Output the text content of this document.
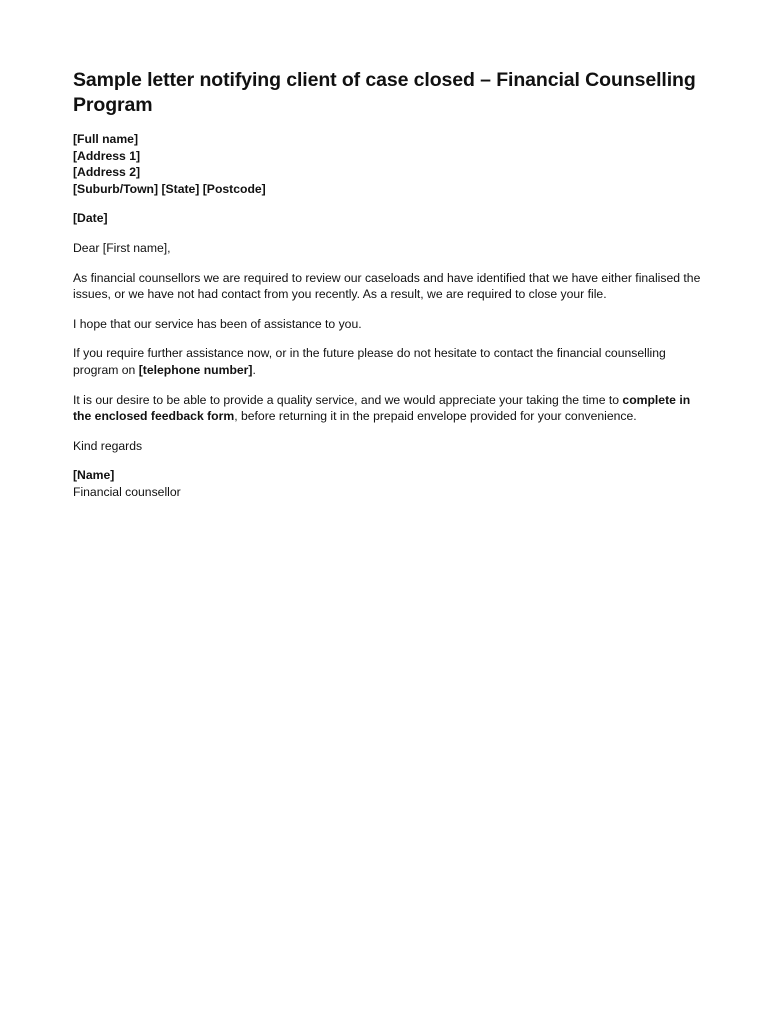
Sample letter notifying client of case closed – Financial Counselling Program
[Full name]
[Address 1]
[Address 2]
[Suburb/Town] [State] [Postcode]
[Date]
Dear [First name],
As financial counsellors we are required to review our caseloads and have identified that we have either finalised the issues, or we have not had contact from you recently. As a result, we are required to close your file.
I hope that our service has been of assistance to you.
If you require further assistance now, or in the future please do not hesitate to contact the financial counselling program on [telephone number].
It is our desire to be able to provide a quality service, and we would appreciate your taking the time to complete in the enclosed feedback form, before returning it in the prepaid envelope provided for your convenience.
Kind regards
[Name]
Financial counsellor
